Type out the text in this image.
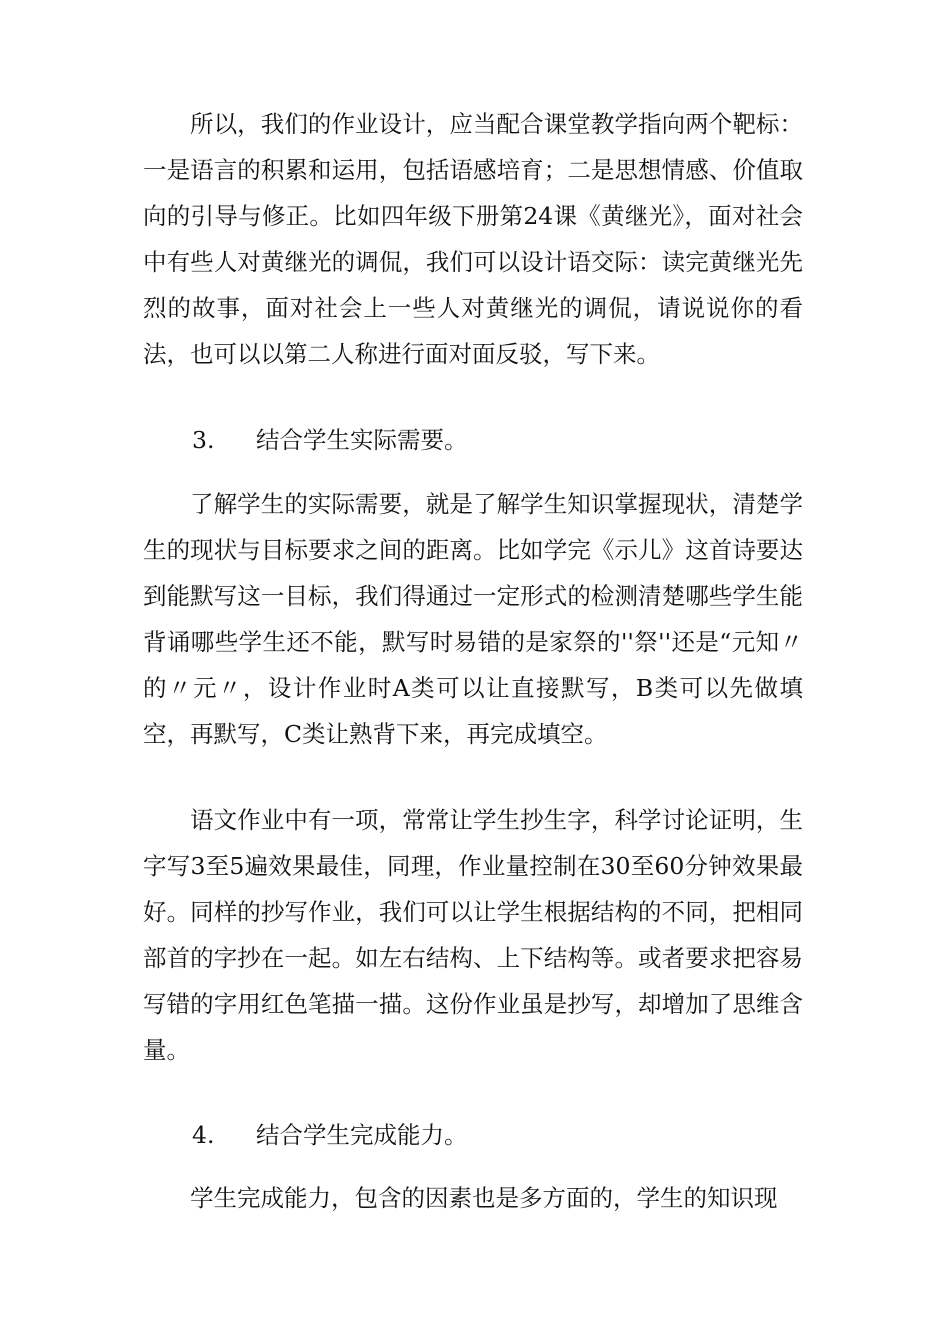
所以，我们的作业设计，应当配合课堂教学指向两个靶标：一是语言的积累和运用，包括语感培育；二是思想情感、价值取向的引导与修正。比如四年级下册第24课《黄继光》，面对社会中有些人对黄继光的调侃，我们可以设计语交际：读完黄继光先烈的故事，面对社会上一些人对黄继光的调侃，请说说你的看法，也可以以第二人称进行面对面反驳，写下来。

3. 结合学生实际需要。

了解学生的实际需要，就是了解学生知识掌握现状，清楚学生的现状与目标要求之间的距离。比如学完《示儿》这首诗要达到能默写这一目标，我们得通过一定形式的检测清楚哪些学生能背诵哪些学生还不能，默写时易错的是家祭的''祭''还是“元知〃的〃元〃，设计作业时A类可以让直接默写，B类可以先做填空，再默写，C类让熟背下来，再完成填空。

语文作业中有一项，常常让学生抄生字，科学讨论证明，生字写3至5遍效果最佳，同理，作业量控制在30至60分钟效果最好。同样的抄写作业，我们可以让学生根据结构的不同，把相同部首的字抄在一起。如左右结构、上下结构等。或者要求把容易写错的字用红色笔描一描。这份作业虽是抄写，却增加了思维含量。

4. 结合学生完成能力。

学生完成能力，包含的因素也是多方面的，学生的知识现
